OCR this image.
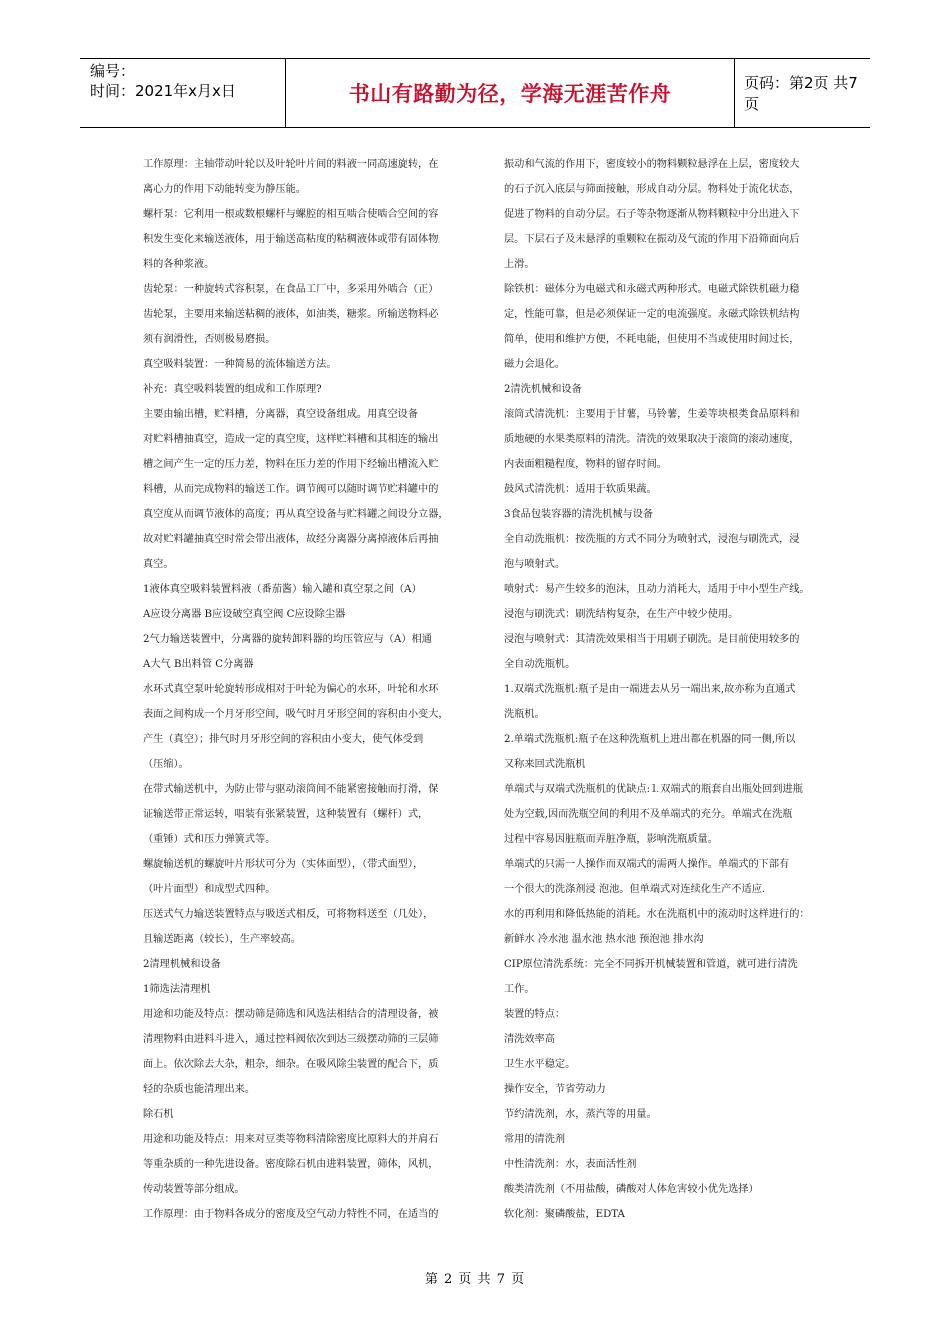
编号：
时间：2021年x月x日	书山有路勤为径，学海无涯苦作舟	页码：第2页 共7页

工作原理：主轴带动叶轮以及叶轮叶片间的料液一同高速旋转，在

离心力的作用下动能转变为静压能。

螺杆泵：它利用一根或数根螺杆与螺腔的相互啮合使啮合空间的容

积发生变化来输送液体，用于输送高粘度的粘稠液体或带有固体物

料的各种浆液。

齿轮泵：一种旋转式容积泵，在食品工厂中，多采用外啮合（正）

齿轮泵，主要用来输送粘稠的液体，如油类，糖浆。所输送物料必

须有润滑性，否则极易磨损。

真空吸料装置：一种简易的流体输送方法。

补充：真空吸料装置的组成和工作原理?

主要由输出槽，贮料槽，分离器，真空设备组成。用真空设备

对贮料槽抽真空，造成一定的真空度，这样贮料槽和其相连的输出

槽之间产生一定的压力差，物料在压力差的作用下经输出槽流入贮

料槽，从而完成物料的输送工作。调节阀可以随时调节贮料罐中的

真空度从而调节液体的高度；再从真空设备与贮料罐之间设分立器，

故对贮料罐抽真空时常会带出液体，故经分离器分离掉液体后再抽

真空。

1液体真空吸料装置料液（番茄酱）输入罐和真空泵之间（A）

A应设分离器 B应设破空真空阀 C应设除尘器

2气力输送装置中，分离器的旋转卸料器的均压管应与（A）相通

A大气 B出料管 C分离器

水环式真空泵叶轮旋转形成相对于叶轮为偏心的水环，叶轮和水环

表面之间构成一个月牙形空间，吸气时月牙形空间的容积由小变大，

产生（真空）；排气时月牙形空间的容积由小变大，使气体受到

（压缩）。

在带式输送机中，为防止带与驱动滚筒间不能紧密接触而打滑，保

证输送带正常运转，唱装有张紧装置，这种装置有（螺杆）式，

（重锤）式和压力弹簧式等。

螺旋输送机的螺旋叶片形状可分为（实体面型），（带式面型），

（叶片面型）和成型式四种。

压送式气力输送装置特点与吸送式相反，可将物料送至（几处），

且输送距离（较长），生产率较高。

2清理机械和设备

1筛选法清理机

用途和功能及特点：摆动筛是筛选和风选法相结合的清理设备，被

清理物料由进料斗进入，通过控料阀依次到达三级摆动筛的三层筛

面上。依次除去大杂，粗杂，细杂。在吸风除尘装置的配合下，质

轻的杂质也能清理出来。

除石机

用途和功能及特点：用来对豆类等物料清除密度比原料大的并肩石

等重杂质的一种先进设备。密度除石机由进料装置，筛体，风机，

传动装置等部分组成。

工作原理：由于物料各成分的密度及空气动力特性不同，在适当的

振动和气流的作用下，密度较小的物料颗粒悬浮在上层，密度较大

的石子沉入底层与筛面接触，形成自动分层。物料处于流化状态，

促进了物料的自动分层。石子等杂物逐渐从物料颗粒中分出进入下

层。下层石子及未悬浮的重颗粒在振动及气流的作用下沿筛面向后

上滑。

除铁机：磁体分为电磁式和永磁式两种形式。电磁式除铁机磁力稳

定，性能可靠，但是必须保证一定的电流强度。永磁式除铁机结构

简单，使用和维护方便，不耗电能，但使用不当或使用时间过长，

磁力会退化。

2清洗机械和设备

滚筒式清洗机：主要用于甘薯，马铃薯，生姜等块根类食品原料和

质地硬的水果类原料的清洗。清洗的效果取决于滚筒的滚动速度，

内表面粗糙程度，物料的留存时间。

鼓风式清洗机：适用于软质果蔬。

3食品包装容器的清洗机械与设备

全自动洗瓶机：按洗瓶的方式不同分为喷射式，浸泡与刷洗式，浸

泡与喷射式。

喷射式：易产生较多的泡沫，且动力消耗大，适用于中小型生产线。

浸泡与刷洗式：刷洗结构复杂，在生产中较少使用。

浸泡与喷射式：其清洗效果相当于用刷子刷洗。是目前使用较多的

全自动洗瓶机。

1.双端式洗瓶机:瓶子是由一端进去从另一端出来,故亦称为直通式

洗瓶机。

2.单端式洗瓶机:瓶子在这种洗瓶机上进出都在机器的同一侧,所以

又称来回式洗瓶机

单端式与双端式洗瓶机的优缺点:⒈双端式的瓶套自出瓶处回到进瓶

处为空载,因而洗瓶空间的利用不及单端式的充分。单端式在洗瓶

过程中容易因脏瓶而弄脏净瓶，影响洗瓶质量。

单端式的只需一人操作而双端式的需两人操作。单端式的下部有

一个很大的洗涤剂浸 泡池。但单端式对连续化生产不适应.

水的再利用和降低热能的消耗。水在洗瓶机中的流动时这样进行的：

新鲜水 冷水池 温水池 热水池 预泡池 排水沟

CIP原位清洗系统：完全不同拆开机械装置和管道，就可进行清洗

工作。

装置的特点：

清洗效率高

卫生水平稳定。

操作安全，节省劳动力

节约清洗剂，水，蒸汽等的用量。

常用的清洗剂

中性清洗剂：水，表面活性剂

酸类清洗剂（不用盐酸，磷酸对人体危害较小优先选择）

软化剂：聚磷酸盐，EDTA

第 2 页 共 7 页
